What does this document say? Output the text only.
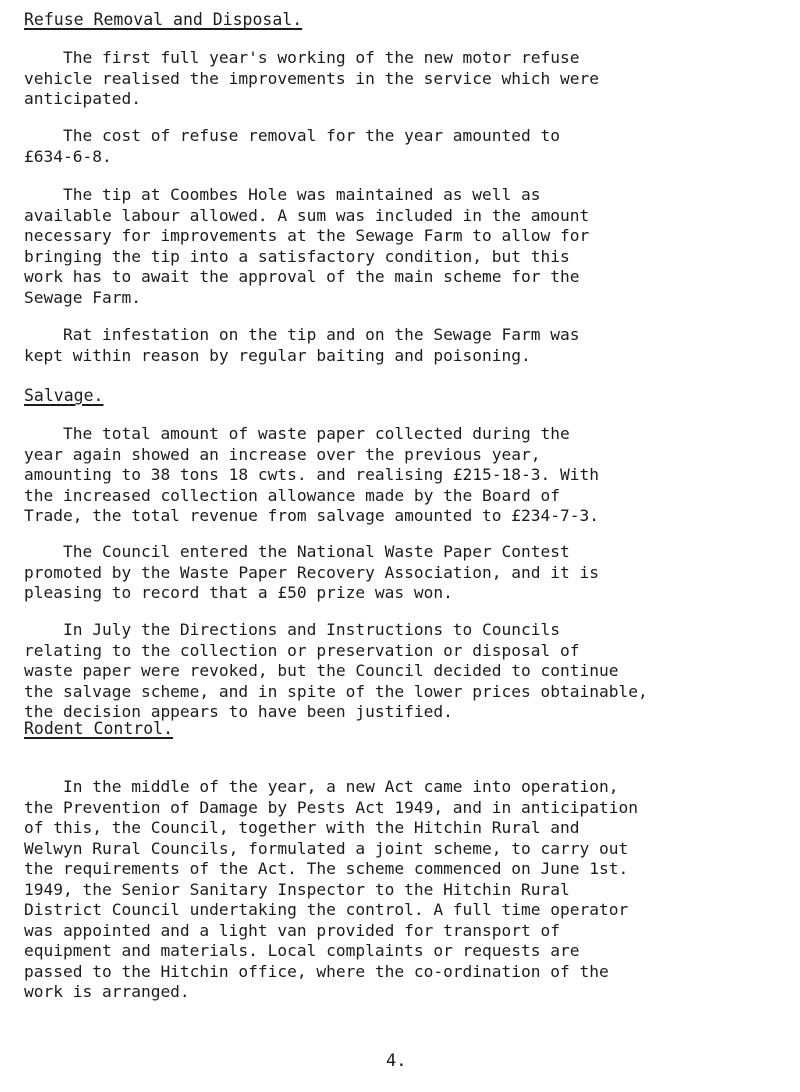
Refuse Removal and Disposal.

The first full year's working of the new motor refuse
vehicle realised the improvements in the service which were
anticipated.

The cost of refuse removal for the year amounted to
£634-6-8.

The tip at Coombes Hole was maintained as well as
available labour allowed. A sum was included in the amount
necessary for improvements at the Sewage Farm to allow for
bringing the tip into a satisfactory condition, but this
work has to await the approval of the main scheme for the
Sewage Farm.

Rat infestation on the tip and on the Sewage Farm was
kept within reason by regular baiting and poisoning.

Salvage.

The total amount of waste paper collected during the
year again showed an increase over the previous year,
amounting to 38 tons 18 cwts. and realising £215-18-3. With
the increased collection allowance made by the Board of
Trade, the total revenue from salvage amounted to £234-7-3.

The Council entered the National Waste Paper Contest
promoted by the Waste Paper Recovery Association, and it is
pleasing to record that a £50 prize was won.

In July the Directions and Instructions to Councils
relating to the collection or preservation or disposal of
waste paper were revoked, but the Council decided to continue
the salvage scheme, and in spite of the lower prices obtainable,
the decision appears to have been justified.

Rodent Control.

In the middle of the year, a new Act came into operation,
the Prevention of Damage by Pests Act 1949, and in anticipation
of this, the Council, together with the Hitchin Rural and
Welwyn Rural Councils, formulated a joint scheme, to carry out
the requirements of the Act. The scheme commenced on June 1st.
1949, the Senior Sanitary Inspector to the Hitchin Rural
District Council undertaking the control. A full time operator
was appointed and a light van provided for transport of
equipment and materials. Local complaints or requests are
passed to the Hitchin office, where the co-ordination of the
work is arranged.

4.
